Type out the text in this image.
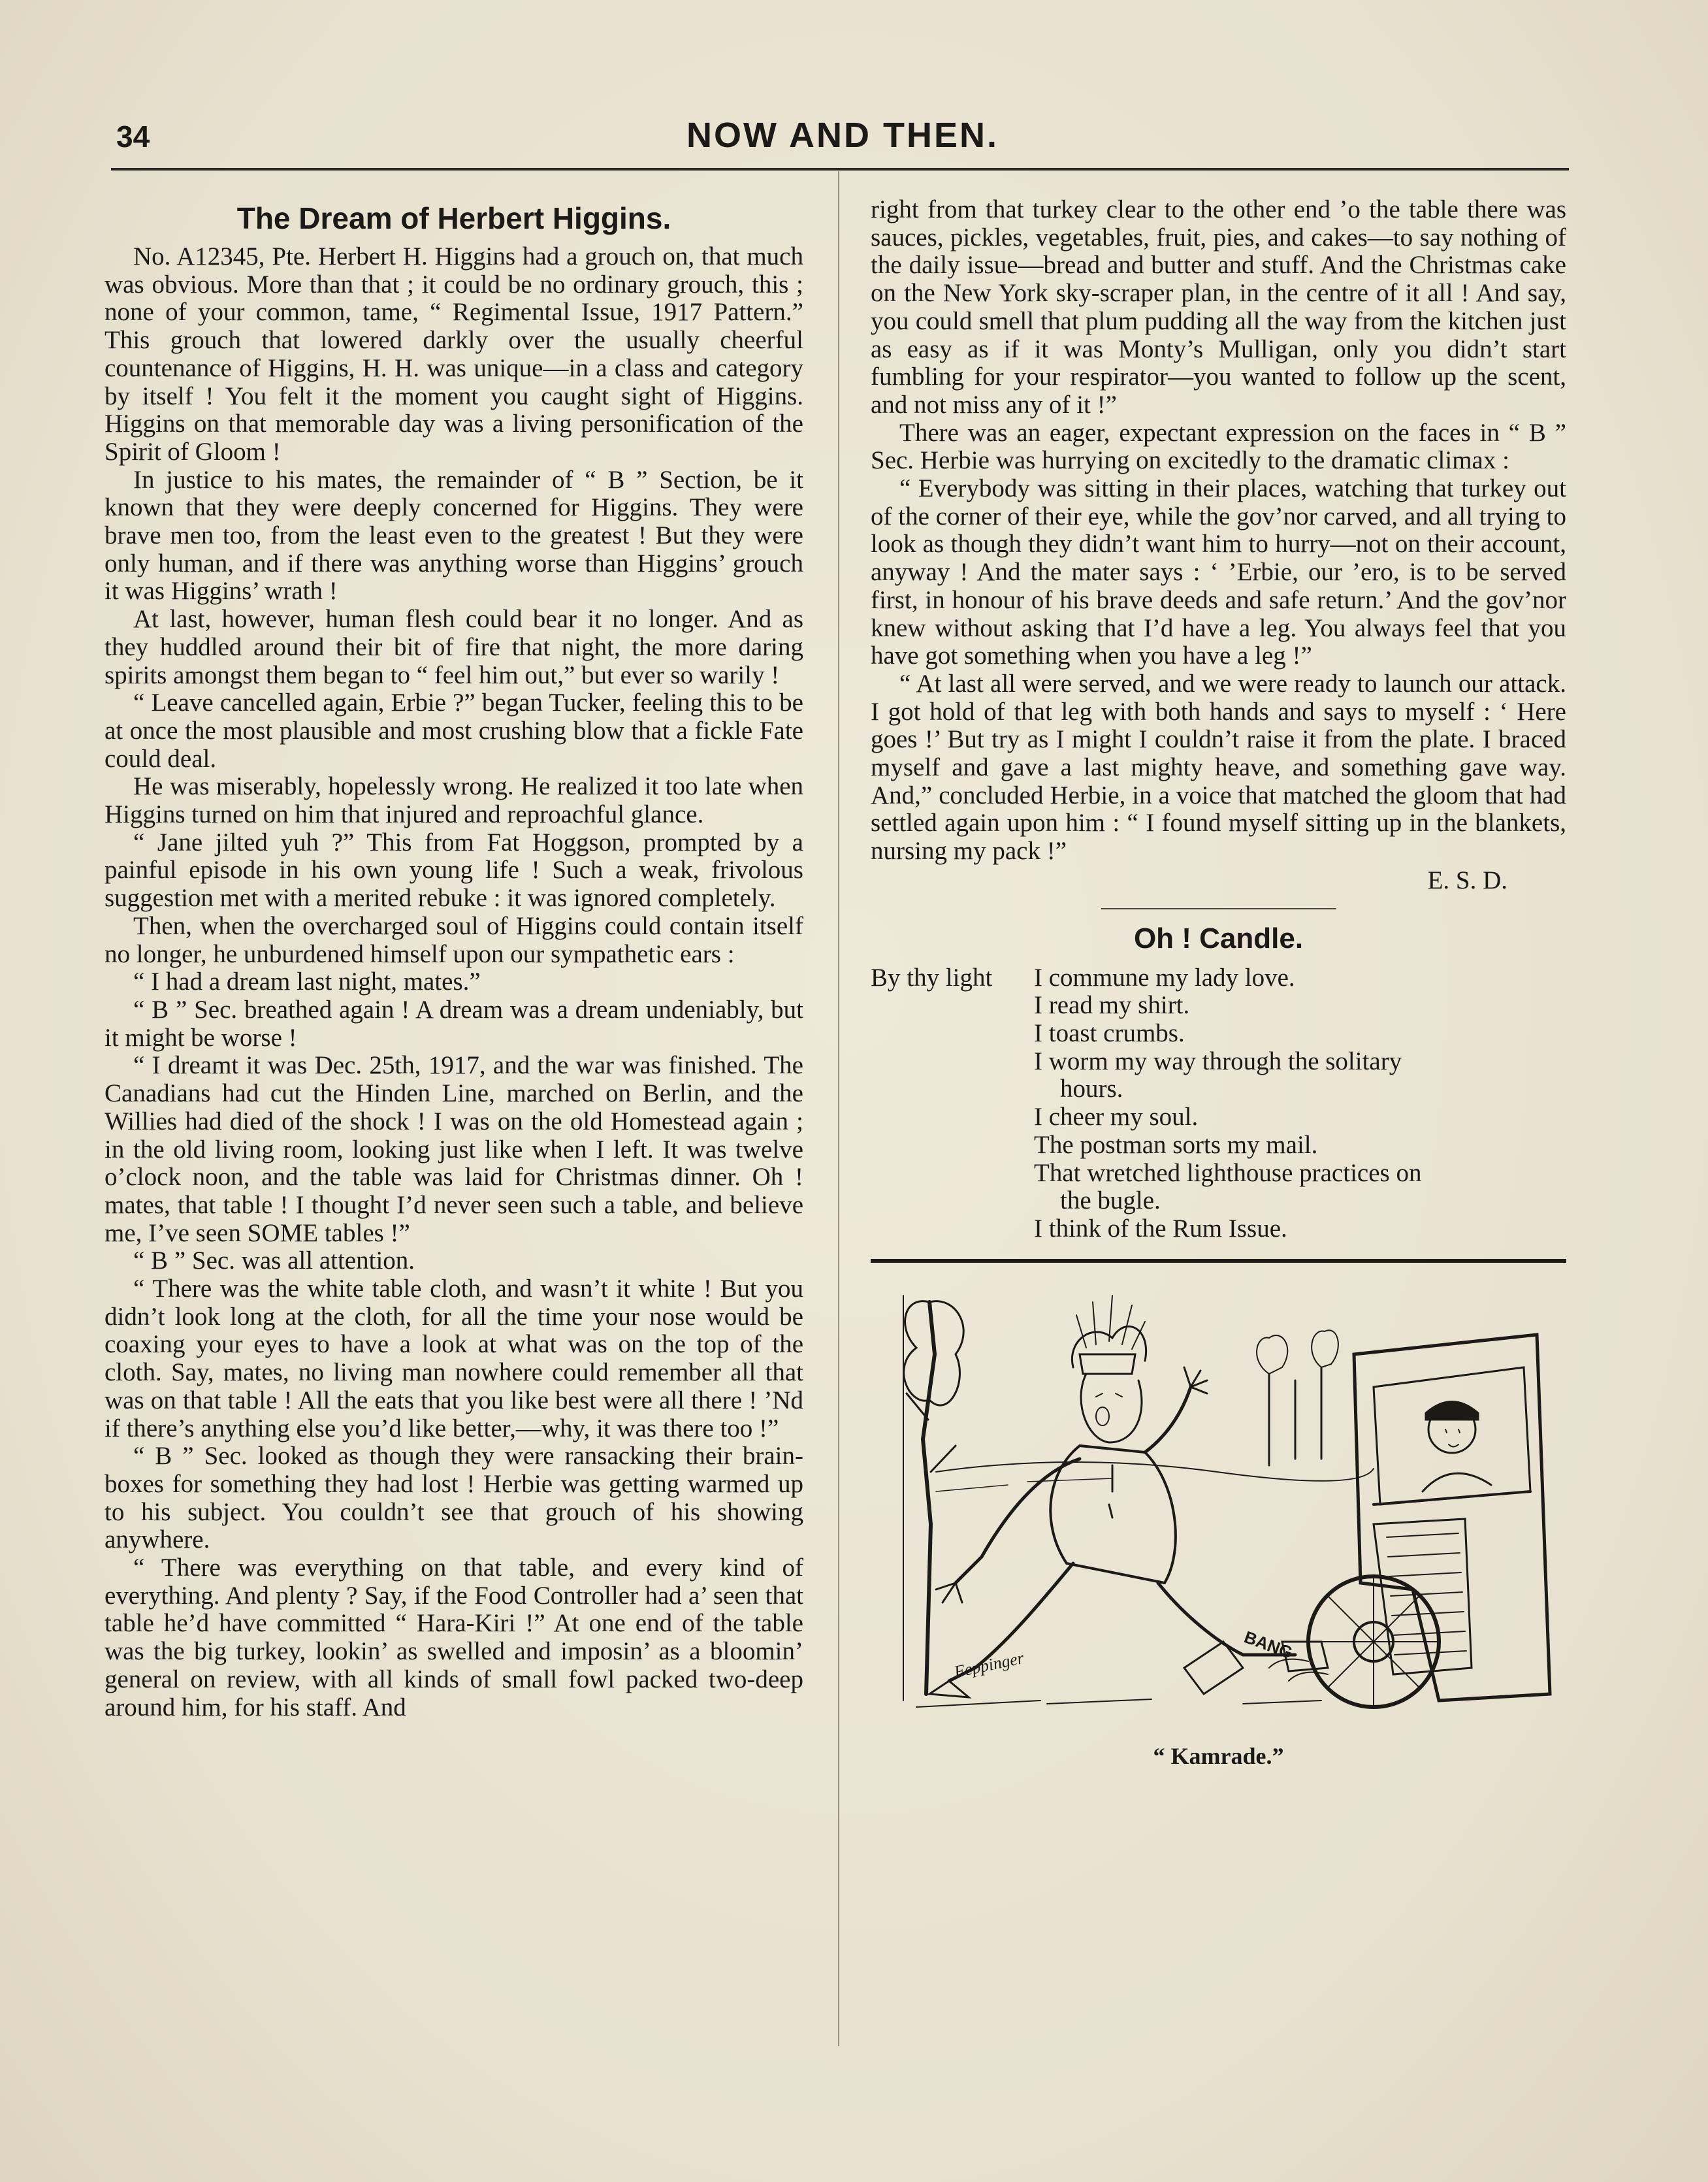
34	NOW AND THEN.
The Dream of Herbert Higgins.

No. A12345, Pte. Herbert H. Higgins had a grouch on, that much was obvious. More than that ; it could be no ordinary grouch, this ; none of your common, tame, “ Regimental Issue, 1917 Pattern.” This grouch that lowered darkly over the usually cheerful countenance of Higgins, H. H. was unique—in a class and category by itself ! You felt it the moment you caught sight of Higgins. Higgins on that memorable day was a living personification of the Spirit of Gloom !

In justice to his mates, the remainder of “ B ” Section, be it known that they were deeply concerned for Higgins. They were brave men too, from the least even to the greatest ! But they were only human, and if there was anything worse than Higgins’ grouch it was Higgins’ wrath !

At last, however, human flesh could bear it no longer. And as they huddled around their bit of fire that night, the more daring spirits amongst them began to “ feel him out,” but ever so warily !

“ Leave cancelled again, Erbie ?” began Tucker, feeling this to be at once the most plausible and most crushing blow that a fickle Fate could deal.

He was miserably, hopelessly wrong. He realized it too late when Higgins turned on him that injured and reproachful glance.

“ Jane jilted yuh ?” This from Fat Hoggson, prompted by a painful episode in his own young life ! Such a weak, frivolous suggestion met with a merited rebuke : it was ignored completely.

Then, when the overcharged soul of Higgins could contain itself no longer, he unburdened himself upon our sympathetic ears :

“ I had a dream last night, mates.”

“ B ” Sec. breathed again ! A dream was a dream undeniably, but it might be worse !

“ I dreamt it was Dec. 25th, 1917, and the war was finished. The Canadians had cut the Hinden Line, marched on Berlin, and the Willies had died of the shock ! I was on the old Homestead again ; in the old living room, looking just like when I left. It was twelve o’clock noon, and the table was laid for Christmas dinner. Oh ! mates, that table ! I thought I’d never seen such a table, and believe me, I’ve seen SOME tables !”

“ B ” Sec. was all attention.

“ There was the white table cloth, and wasn’t it white ! But you didn’t look long at the cloth, for all the time your nose would be coaxing your eyes to have a look at what was on the top of the cloth. Say, mates, no living man nowhere could remember all that was on that table ! All the eats that you like best were all there ! ’Nd if there’s anything else you’d like better,—why, it was there too !”

“ B ” Sec. looked as though they were ransacking their brain-boxes for something they had lost ! Herbie was getting warmed up to his subject. You couldn’t see that grouch of his showing anywhere.

“ There was everything on that table, and every kind of everything. And plenty ? Say, if the Food Controller had a’ seen that table he’d have committed “ Hara-Kiri !” At one end of the table was the big turkey, lookin’ as swelled and imposin’ as a bloomin’ general on review, with all kinds of small fowl packed two-deep around him, for his staff. And

right from that turkey clear to the other end ’o the table there was sauces, pickles, vegetables, fruit, pies, and cakes—to say nothing of the daily issue—bread and butter and stuff. And the Christmas cake on the New York sky-scraper plan, in the centre of it all ! And say, you could smell that plum pudding all the way from the kitchen just as easy as if it was Monty’s Mulligan, only you didn’t start fumbling for your respirator—you wanted to follow up the scent, and not miss any of it !”

There was an eager, expectant expression on the faces in “ B ” Sec. Herbie was hurrying on excitedly to the dramatic climax :

“ Everybody was sitting in their places, watching that turkey out of the corner of their eye, while the gov’nor carved, and all trying to look as though they didn’t want him to hurry—not on their account, anyway ! And the mater says : ‘ ’Erbie, our ’ero, is to be served first, in honour of his brave deeds and safe return.’ And the gov’nor knew without asking that I’d have a leg. You always feel that you have got something when you have a leg !”

“ At last all were served, and we were ready to launch our attack. I got hold of that leg with both hands and says to myself : ‘ Here goes !’ But try as I might I couldn’t raise it from the plate. I braced myself and gave a last mighty heave, and something gave way. And,” concluded Herbie, in a voice that matched the gloom that had settled again upon him : “ I found myself sitting up in the blankets, nursing my pack !”

E. S. D.
Oh ! Candle.
By thy light	I commune my lady love.
I read my shirt.
I toast crumbs.
I worm my way through the solitary
hours.
I cheer my soul.
The postman sorts my mail.
That wretched lighthouse practices on
the bugle.
I think of the Rum Issue.
Feppinger
BANG
“ Kamrade.”
